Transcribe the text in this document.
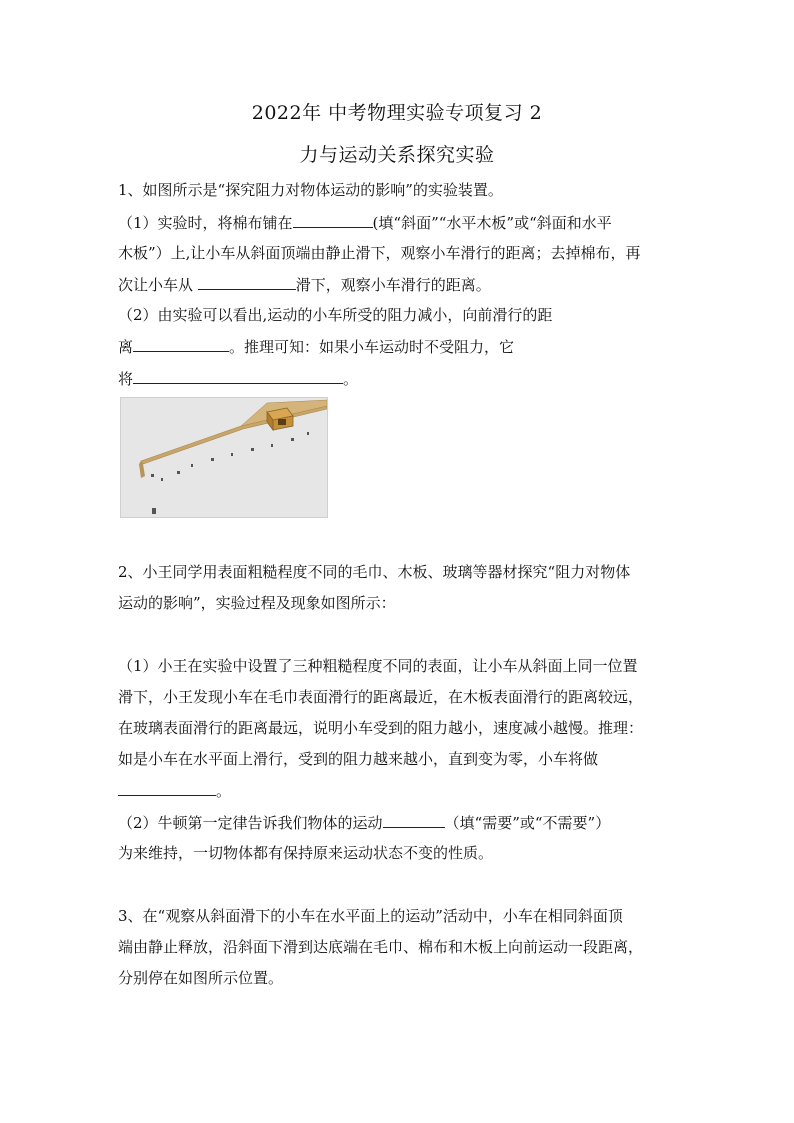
2022年 中考物理实验专项复习 2
力与运动关系探究实验
1、如图所示是“探究阻力对物体运动的影响”的实验装置。
（1）实验时，将棉布铺在	(填“斜面”“水平木板”或“斜面和水平
木板”）上,让小车从斜面顶端由静止滑下，观察小车滑行的距离；去掉棉布，再
次让小车从	滑下，观察小车滑行的距离。
（2）由实验可以看出,运动的小车所受的阻力减小，向前滑行的距
离	。推理可知：如果小车运动时不受阻力，它
将	。
2、小王同学用表面粗糙程度不同的毛巾、木板、玻璃等器材探究“阻力对物体
运动的影响”，实验过程及现象如图所示：
（1）小王在实验中设置了三种粗糙程度不同的表面，让小车从斜面上同一位置
滑下，小王发现小车在毛巾表面滑行的距离最近，在木板表面滑行的距离较远，
在玻璃表面滑行的距离最远，说明小车受到的阻力越小，速度减小越慢。推理：
如是小车在水平面上滑行，受到的阻力越来越小，直到变为零，小车将做
。
（2）牛顿第一定律告诉我们物体的运动	（填“需要”或“不需要”）
为来维持，一切物体都有保持原来运动状态不变的性质。
3、在“观察从斜面滑下的小车在水平面上的运动”活动中，小车在相同斜面顶
端由静止释放，沿斜面下滑到达底端在毛巾、棉布和木板上向前运动一段距离，
分别停在如图所示位置。
